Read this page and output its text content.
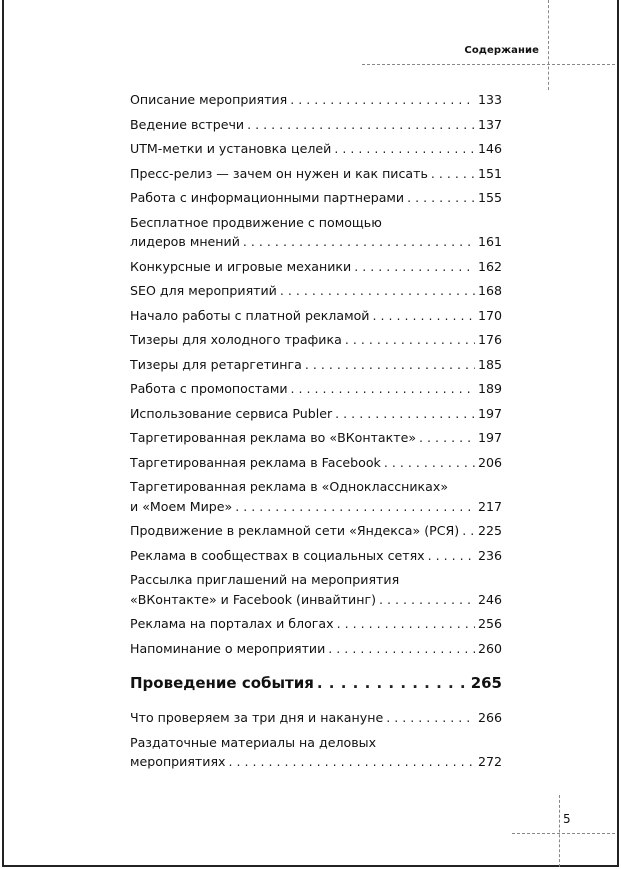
Содержание
Описание мероприятия . . .	133
Ведение встречи . . .	137
UTM-метки и установка целей . . .	146
Пресс-релиз — зачем он нужен и как писать . . .	151
Работа с информационными партнерами . . .	155
Бесплатное продвижение с помощью
лидеров мнений . . .	161
Конкурсные и игровые механики . . .	162
SEO для мероприятий . . .	168
Начало работы с платной рекламой . . .	170
Тизеры для холодного трафика . . .	176
Тизеры для ретаргетинга . . .	185
Работа с промопостами . . .	189
Использование сервиса Publer . . .	197
Таргетированная реклама во «ВКонтакте» . . .	197
Таргетированная реклама в Facebook . . .	206
Таргетированная реклама в «Одноклассниках»
и «Моем Мире» . . .	217
Продвижение в рекламной сети «Яндекса» (РСЯ) . . . 225
Реклама в сообществах в социальных сетях . . .	236
Рассылка приглашений на мероприятия
«ВКонтакте» и Facebook (инвайтинг) . . .	246
Реклама на порталах и блогах . . .	256
Напоминание о мероприятии . . .	260
Проведение события . . .	265
Что проверяем за три дня и накануне . . .	266
Раздаточные материалы на деловых
мероприятиях . . .	272
5
